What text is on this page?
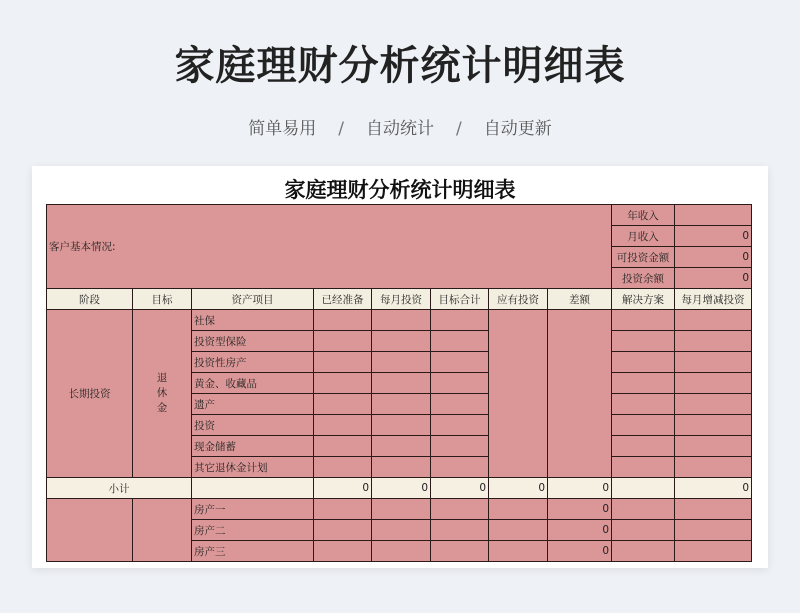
家庭理财分析统计明细表
简单易用 / 自动统计 / 自动更新
家庭理财分析统计明细表
客户基本情况:								年收入	
								月收入	0
								可投资金额	0
								投资余额	0
阶段	目标	资产项目	已经准备	每月投资	目标合计	应有投资	差额	解决方案	每月增减投资
长期投资	退休金	社保							
		投资型保险							
		投资性房产							
		黄金、收藏品							
		遗产							
		投资							
		现金储蓄							
		其它退休金计划							
小计			0	0	0	0	0		0
		房产一					0		
		房产二					0		
		房产三					0		
